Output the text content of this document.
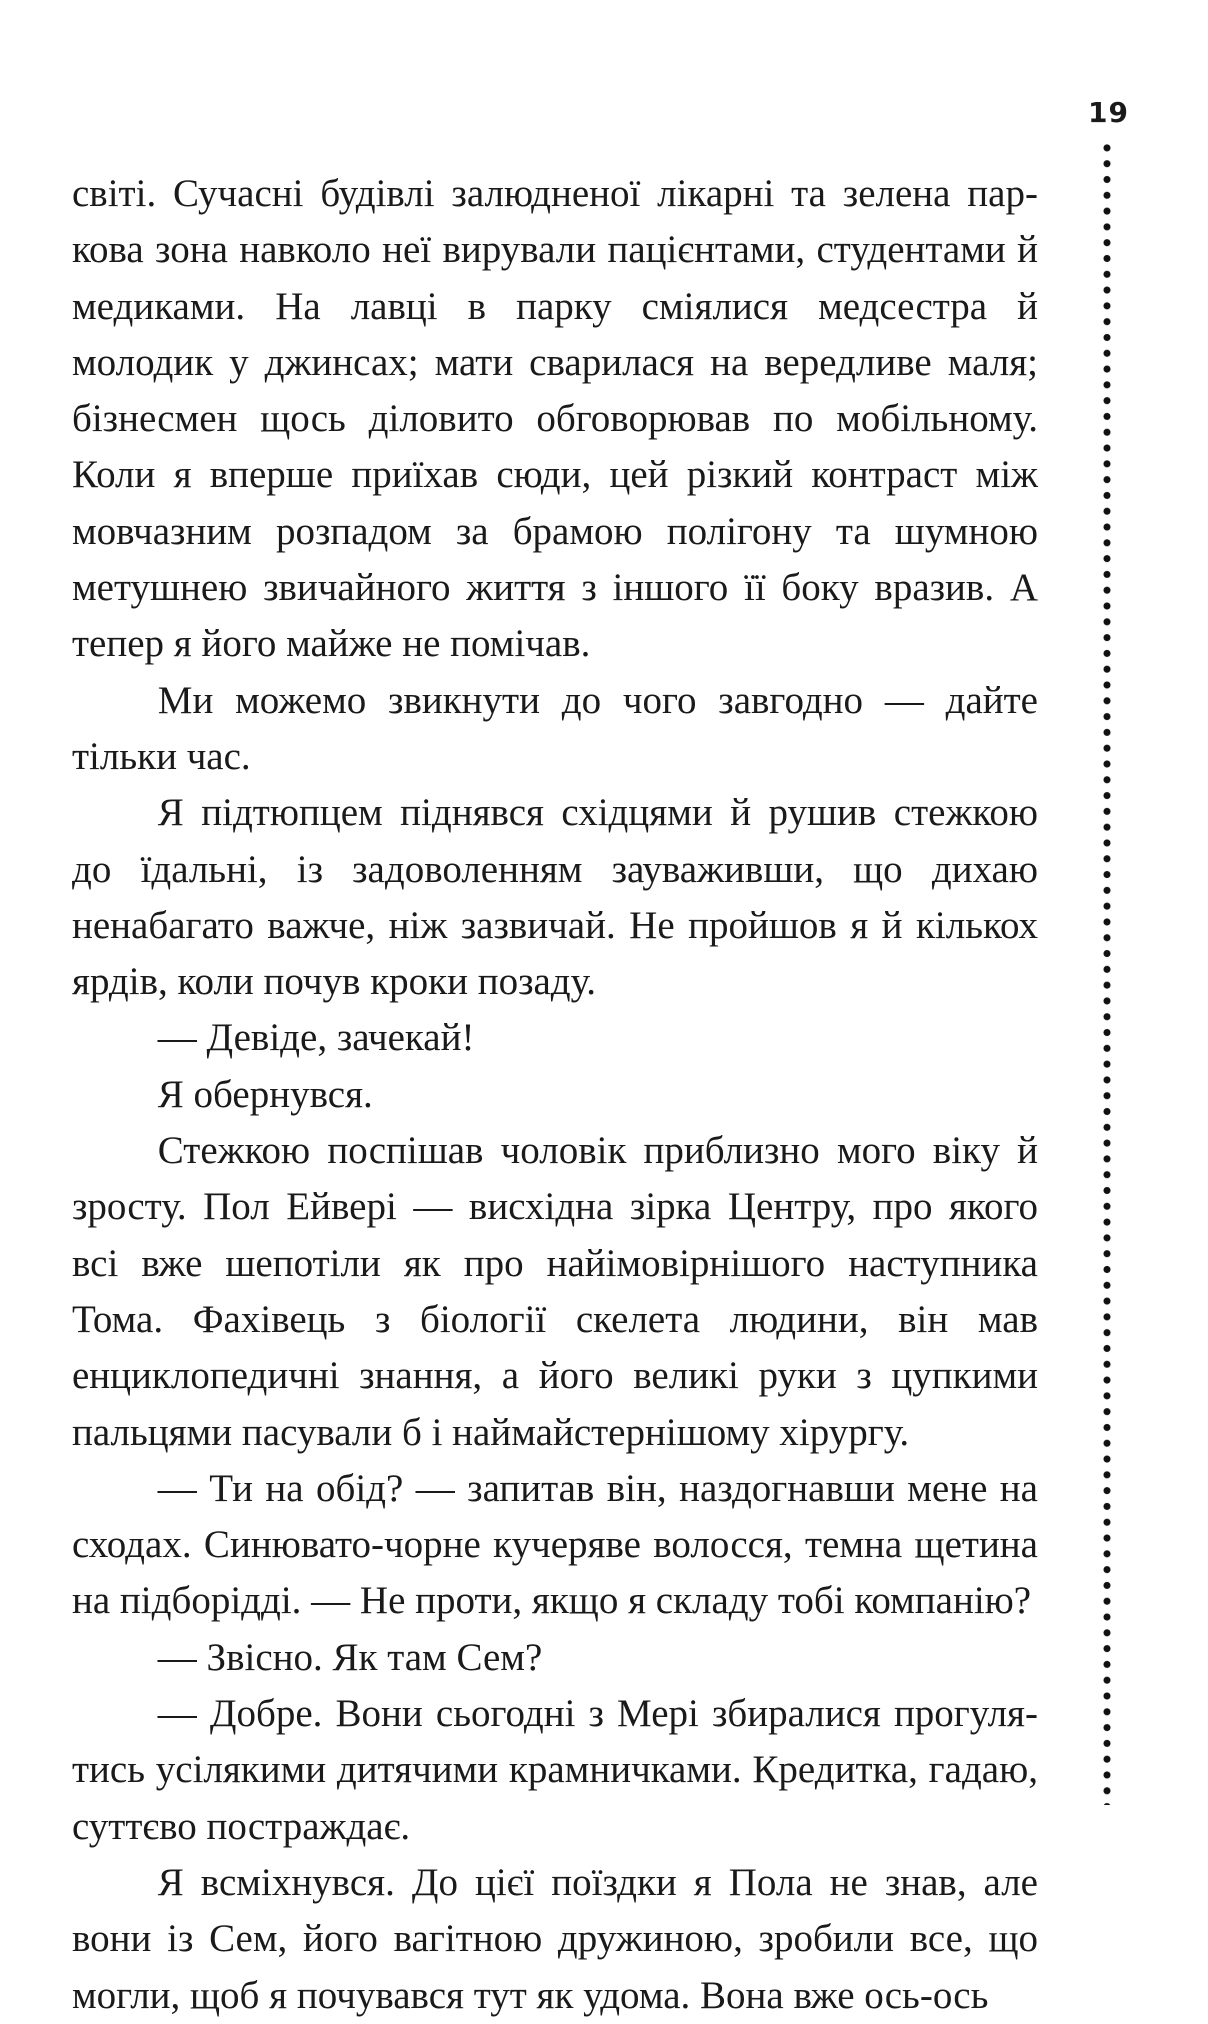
19

світі. Сучасні будівлі залюдненої лікарні та зелена паркова зона навколо неї вирували пацієнтами, студентами й медиками. На лавці в парку сміялися медсестра й молодик у джинсах; мати сварилася на вередливе маля; бізнесмен щось діловито обговорював по мобільному. Коли я вперше приїхав сюди, цей різкий контраст між мовчазним розпадом за брамою полігону та шумною метушнею звичайного життя з іншого її боку вразив. А тепер я його майже не помічав.

Ми можемо звикнути до чого завгодно — дайте тільки час.

Я підтюпцем піднявся східцями й рушив стежкою до їдальні, із задоволенням зауваживши, що дихаю ненабагато важче, ніж зазвичай. Не пройшов я й кількох ярдів, коли почув кроки позаду.

— Девіде, зачекай!

Я обернувся.

Стежкою поспішав чоловік приблизно мого віку й зросту. Пол Ейвері — висхідна зірка Центру, про якого всі вже шепотіли як про найімовірнішого наступника Тома. Фахівець з біології скелета людини, він мав енциклопедичні знання, а його великі руки з цупкими пальцями пасували б і наймайстернішому хірургу.

— Ти на обід? — запитав він, наздогнавши мене на сходах. Синювато-чорне кучеряве волосся, темна щетина на підборідді. — Не проти, якщо я складу тобі компанію?

— Звісно. Як там Сем?

— Добре. Вони сьогодні з Мері збиралися прогулятись усілякими дитячими крамничками. Кредитка, гадаю, суттєво постраждає.

Я всміхнувся. До цієї поїздки я Пола не знав, але вони із Сем, його вагітною дружиною, зробили все, що могли, щоб я почувався тут як удома. Вона вже ось-ось
